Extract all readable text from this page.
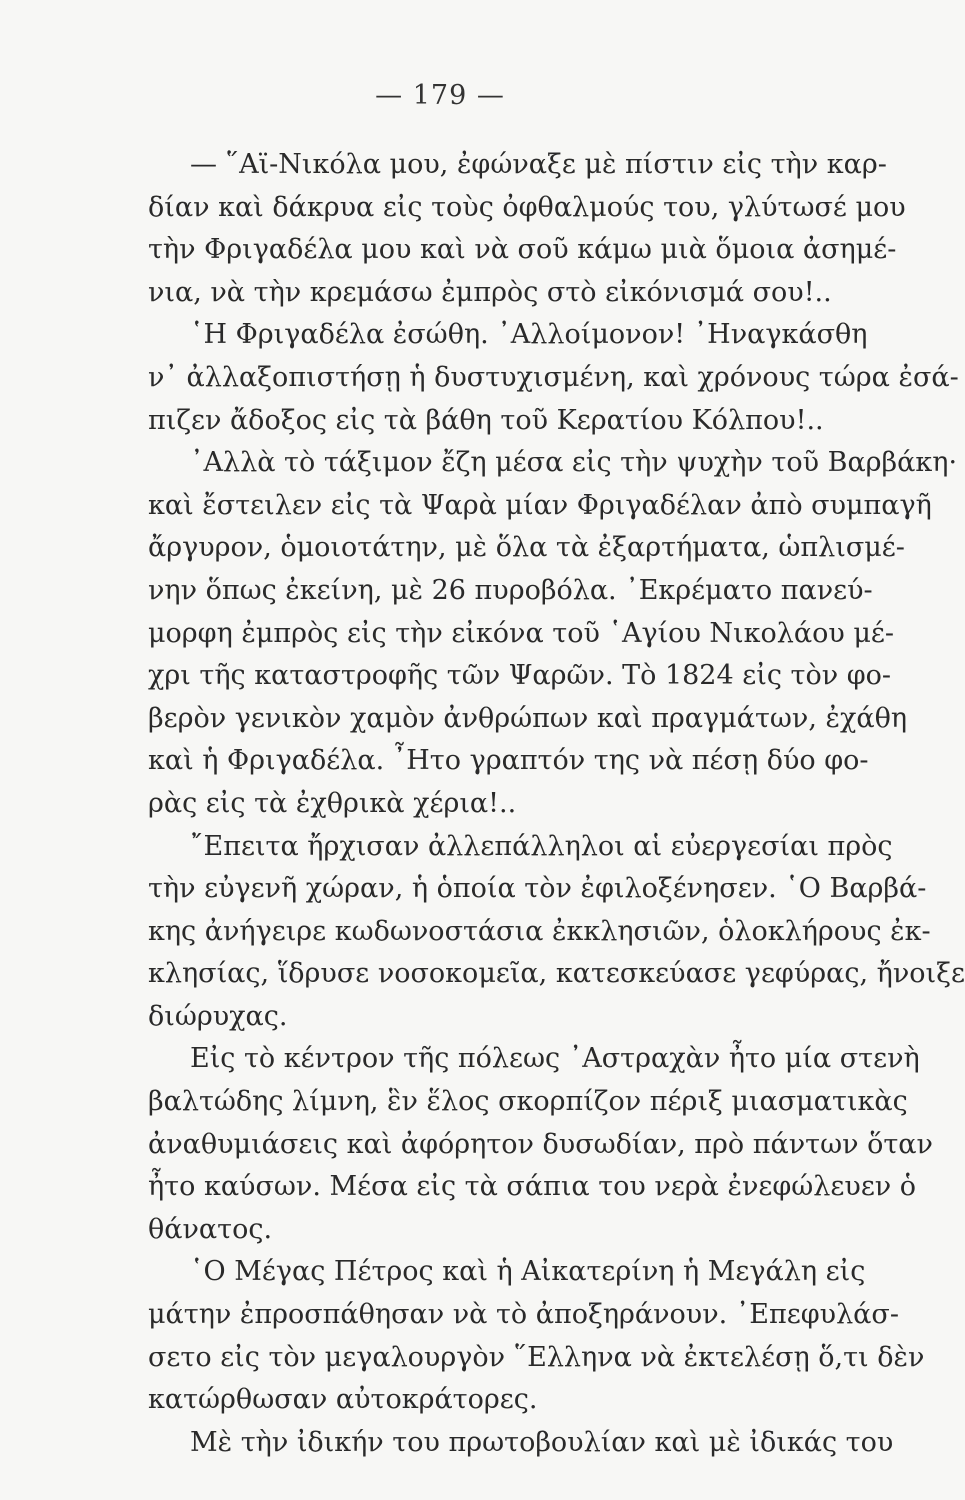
— 179 —
— ῞Αϊ-Νικόλα μου, ἐφώναξε μὲ πίστιν εἰς τὴν καρ-
δίαν καὶ δάκρυα εἰς τοὺς ὀφθαλμούς του, γλύτωσέ μου
τὴν Φριγαδέλα μου καὶ νὰ σοῦ κάμω μιὰ ὅμοια ἀσημέ-
νια, νὰ τὴν κρεμάσω ἐμπρὸς στὸ εἰκόνισμά σου!..
῾Η Φριγαδέλα ἐσώθη. ᾿Αλλοίμονον! ᾿Ηναγκάσθη
ν᾿ ἀλλαξοπιστήσῃ ἡ δυστυχισμένη, καὶ χρόνους τώρα ἐσά-
πιζεν ἄδοξος εἰς τὰ βάθη τοῦ Κερατίου Κόλπου!..
᾿Αλλὰ τὸ τάξιμον ἔζη μέσα εἰς τὴν ψυχὴν τοῦ Βαρβάκη·
καὶ ἔστειλεν εἰς τὰ Ψαρὰ μίαν Φριγαδέλαν ἀπὸ συμπαγῆ
ἄργυρον, ὁμοιοτάτην, μὲ ὅλα τὰ ἐξαρτήματα, ὡπλισμέ-
νην ὅπως ἐκείνη, μὲ 26 πυροβόλα. ᾿Εκρέματο πανεύ-
μορφη ἐμπρὸς εἰς τὴν εἰκόνα τοῦ ῾Αγίου Νικολάου μέ-
χρι τῆς καταστροφῆς τῶν Ψαρῶν. Τὸ 1824 εἰς τὸν φο-
βερὸν γενικὸν χαμὸν ἀνθρώπων καὶ πραγμάτων, ἐχάθη
καὶ ἡ Φριγαδέλα. ῏Ητο γραπτόν της νὰ πέσῃ δύο φο-
ρὰς εἰς τὰ ἐχθρικὰ χέρια!..
῎Επειτα ἤρχισαν ἀλλεπάλληλοι αἱ εὐεργεσίαι πρὸς
τὴν εὐγενῆ χώραν, ἡ ὁποία τὸν ἐφιλοξένησεν. ῾Ο Βαρβά-
κης ἀνήγειρε κωδωνοστάσια ἐκκλησιῶν, ὁλοκλήρους ἐκ-
κλησίας, ἵδρυσε νοσοκομεῖα, κατεσκεύασε γεφύρας, ἤνοιξε
διώρυχας.
Εἰς τὸ κέντρον τῆς πόλεως ᾿Αστραχὰν ἦτο μία στενὴ
βαλτώδης λίμνη, ἓν ἕλος σκορπίζον πέριξ μιασματικὰς
ἀναθυμιάσεις καὶ ἀφόρητον δυσωδίαν, πρὸ πάντων ὅταν
ἦτο καύσων. Μέσα εἰς τὰ σάπια του νερὰ ἐνεφώλευεν ὁ
θάνατος.
῾Ο Μέγας Πέτρος καὶ ἡ Αἰκατερίνη ἡ Μεγάλη εἰς
μάτην ἐπροσπάθησαν νὰ τὸ ἀποξηράνουν. ᾿Επεφυλάσ-
σετο εἰς τὸν μεγαλουργὸν ῞Ελληνα νὰ ἐκτελέσῃ ὅ,τι δὲν
κατώρθωσαν αὐτοκράτορες.
Μὲ τὴν ἰδικήν του πρωτοβουλίαν καὶ μὲ ἰδικάς του
